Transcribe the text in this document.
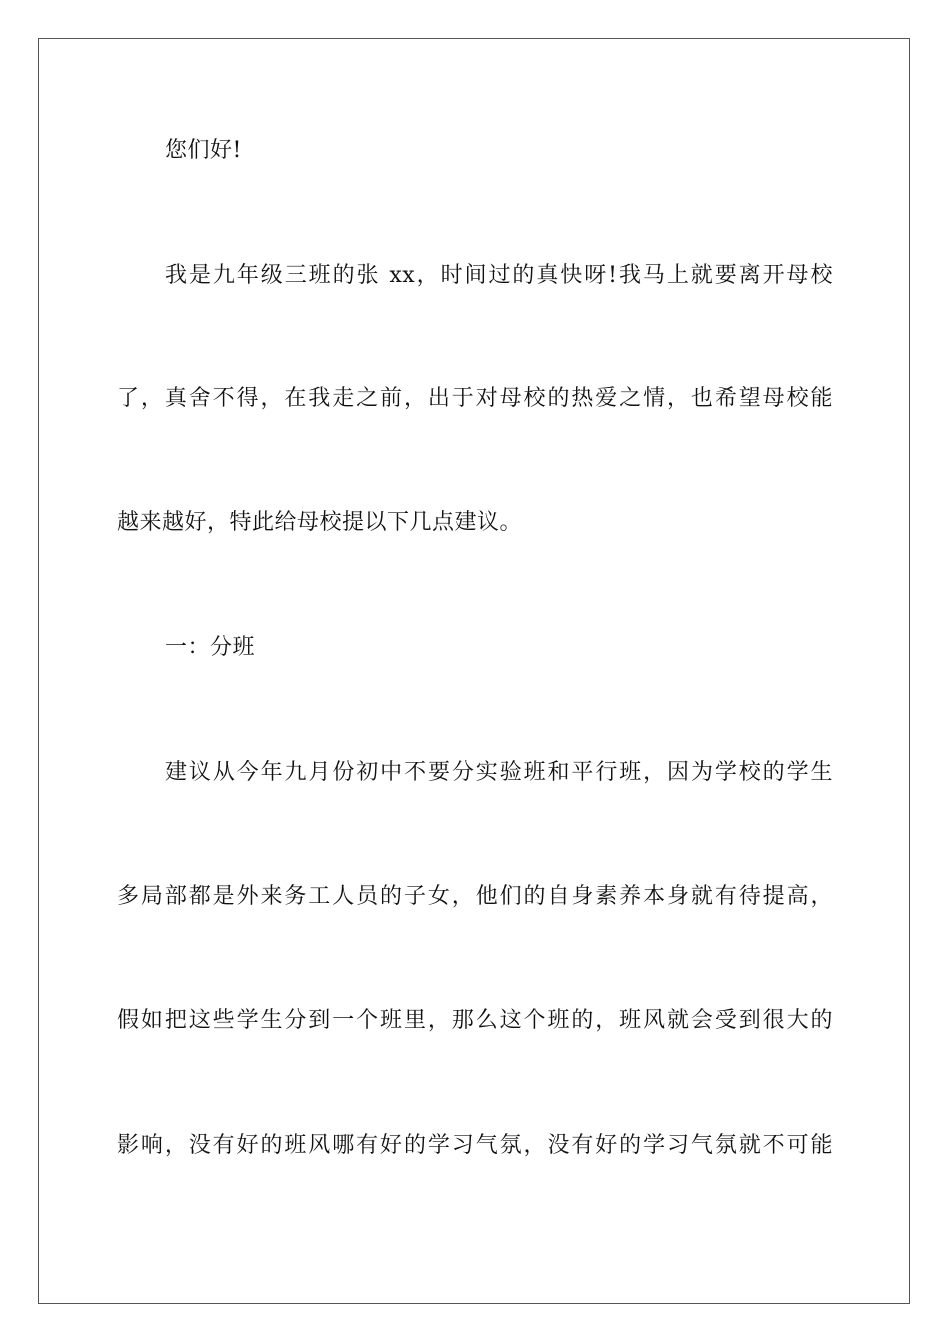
您们好!
我是九年级三班的张 xx，时间过的真快呀!我马上就要离开母校
了，真舍不得，在我走之前，出于对母校的热爱之情，也希望母校能
越来越好，特此给母校提以下几点建议。
一：分班
建议从今年九月份初中不要分实验班和平行班，因为学校的学生
多局部都是外来务工人员的子女，他们的自身素养本身就有待提高，
假如把这些学生分到一个班里，那么这个班的，班风就会受到很大的
影响，没有好的班风哪有好的学习气氛，没有好的学习气氛就不可能
